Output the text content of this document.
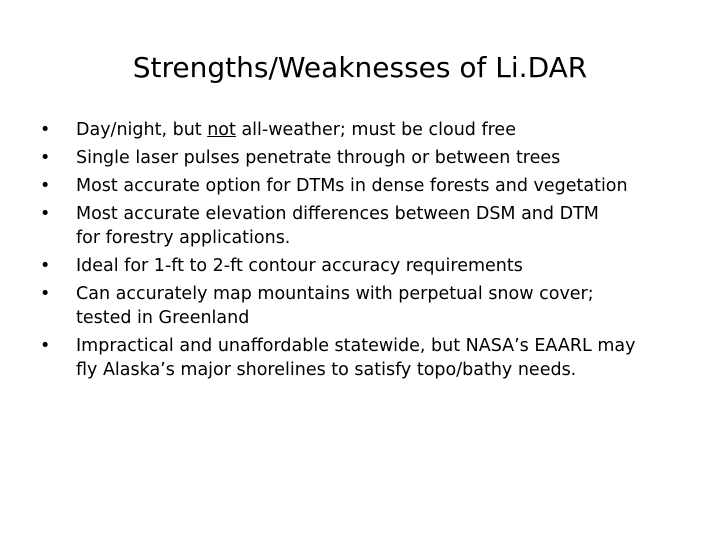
Strengths/Weaknesses of Li.DAR
•	Day/night, but not all-weather; must be cloud free
•	Single laser pulses penetrate through or between trees
•	Most accurate option for DTMs in dense forests and vegetation
•	Most accurate elevation differences between DSM and DTM
for forestry applications.
•	Ideal for 1-ft to 2-ft contour accuracy requirements
•	Can accurately map mountains with perpetual snow cover;
tested in Greenland
•	Impractical and unaffordable statewide, but NASA’s EAARL may
fly Alaska’s major shorelines to satisfy topo/bathy needs.
